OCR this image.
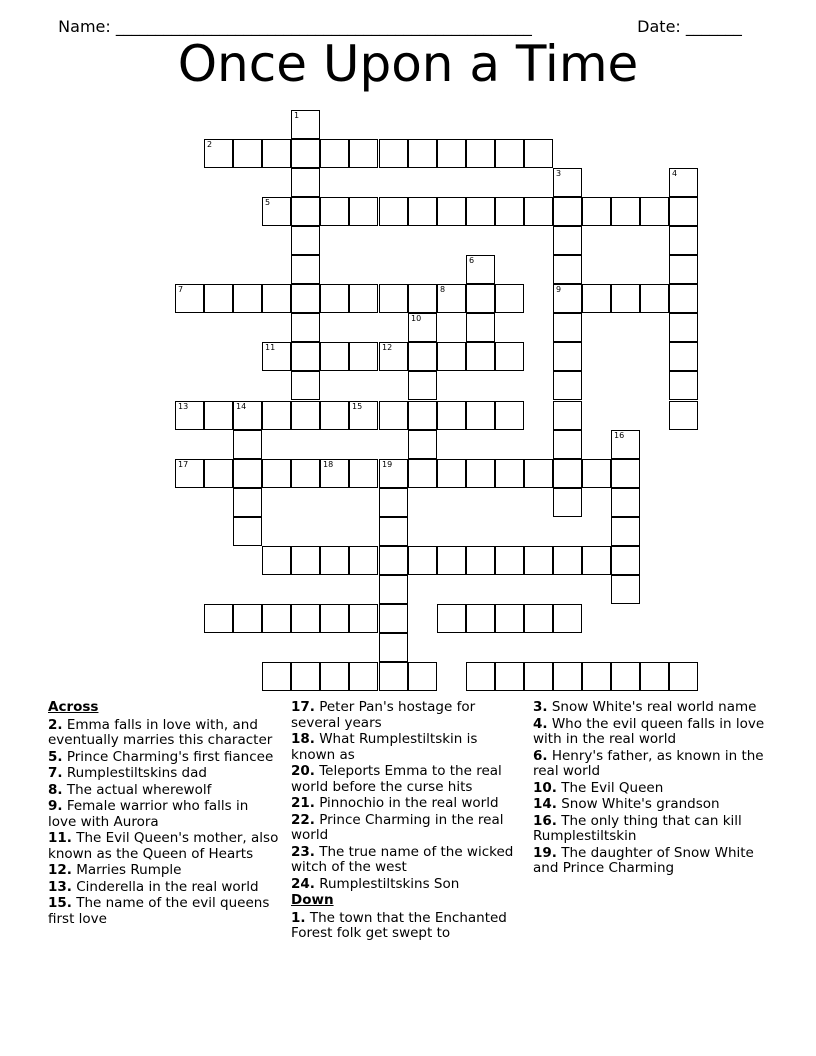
Name: ____________________________________________________	Date: _______

Once Upon a Time
1
2
3	4
5
6
7	8	9
10
11	12
13	14	15
16
17	18	19
Across
2. Emma falls in love with, and eventually marries this character
5. Prince Charming's first fiancee
7. Rumplestiltskins dad
8. The actual wherewolf
9. Female warrior who falls in love with Aurora
11. The Evil Queen's mother, also known as the Queen of Hearts
12. Marries Rumple
13. Cinderella in the real world
15. The name of the evil queens first love
17. Peter Pan's hostage for several years
18. What Rumplestiltskin is known as
20. Teleports Emma to the real world before the curse hits
21. Pinnochio in the real world
22. Prince Charming in the real world
23. The true name of the wicked witch of the west
24. Rumplestiltskins Son
Down
1. The town that the Enchanted Forest folk get swept to
3. Snow White's real world name
4. Who the evil queen falls in love with in the real world
6. Henry's father, as known in the real world
10. The Evil Queen
14. Snow White's grandson
16. The only thing that can kill Rumplestiltskin
19. The daughter of Snow White and Prince Charming
